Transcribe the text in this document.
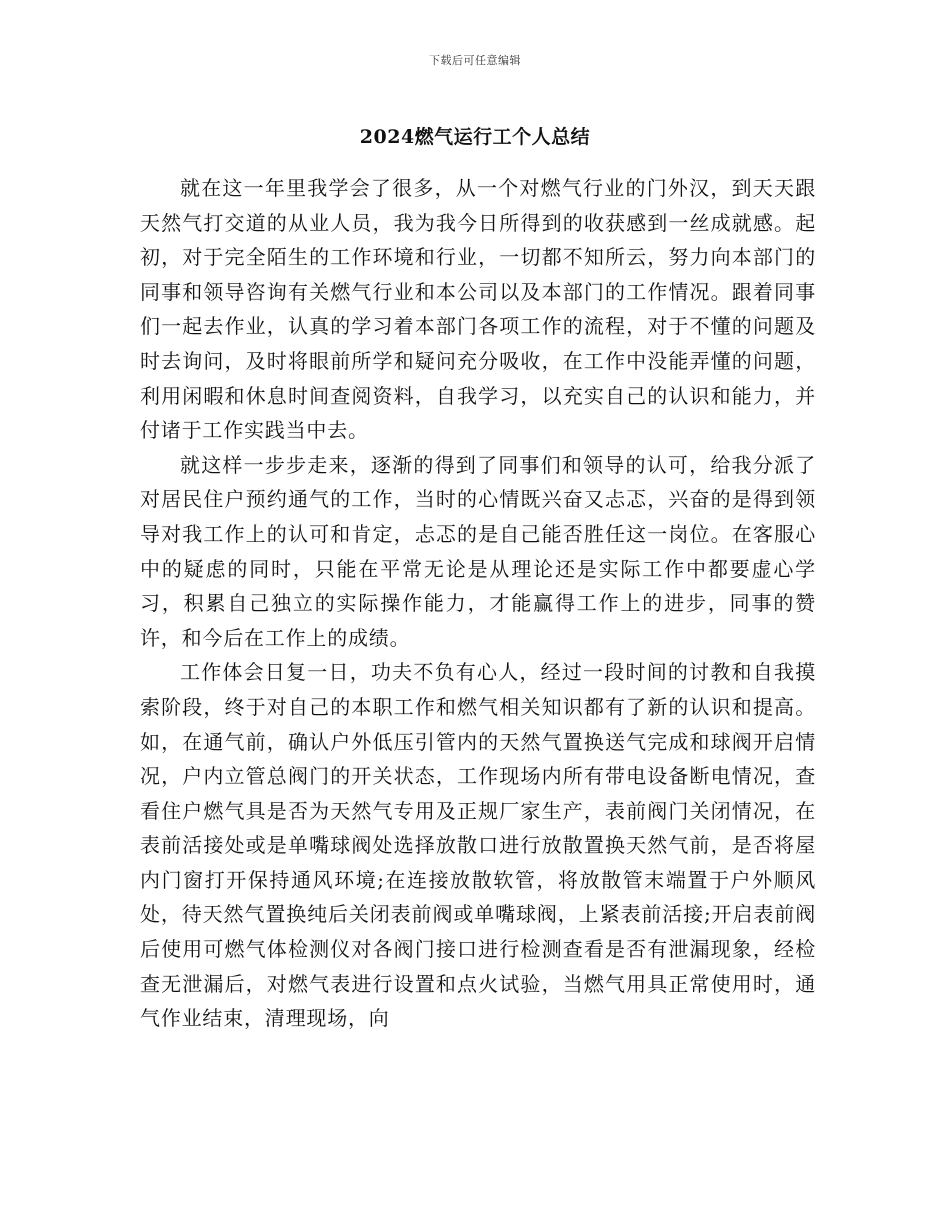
下载后可任意编辑
2024燃气运行工个人总结

就在这一年里我学会了很多，从一个对燃气行业的门外汉，到天天跟天然气打交道的从业人员，我为我今日所得到的收获感到一丝成就感。起初，对于完全陌生的工作环境和行业，一切都不知所云，努力向本部门的同事和领导咨询有关燃气行业和本公司以及本部门的工作情况。跟着同事们一起去作业，认真的学习着本部门各项工作的流程，对于不懂的问题及时去询问，及时将眼前所学和疑问充分吸收，在工作中没能弄懂的问题，利用闲暇和休息时间查阅资料，自我学习，以充实自己的认识和能力，并付诸于工作实践当中去。

就这样一步步走来，逐渐的得到了同事们和领导的认可，给我分派了对居民住户预约通气的工作，当时的心情既兴奋又忐忑，兴奋的是得到领导对我工作上的认可和肯定，忐忑的是自己能否胜任这一岗位。在客服心中的疑虑的同时，只能在平常无论是从理论还是实际工作中都要虚心学习，积累自己独立的实际操作能力，才能赢得工作上的进步，同事的赞许，和今后在工作上的成绩。

工作体会日复一日，功夫不负有心人，经过一段时间的讨教和自我摸索阶段，终于对自己的本职工作和燃气相关知识都有了新的认识和提高。如，在通气前，确认户外低压引管内的天然气置换送气完成和球阀开启情况，户内立管总阀门的开关状态，工作现场内所有带电设备断电情况，查看住户燃气具是否为天然气专用及正规厂家生产，表前阀门关闭情况，在表前活接处或是单嘴球阀处选择放散口进行放散置换天然气前，是否将屋内门窗打开保持通风环境;在连接放散软管，将放散管末端置于户外顺风处，待天然气置换纯后关闭表前阀或单嘴球阀，上紧表前活接;开启表前阀后使用可燃气体检测仪对各阀门接口进行检测查看是否有泄漏现象，经检查无泄漏后，对燃气表进行设置和点火试验，当燃气用具正常使用时，通气作业结束，清理现场，向
